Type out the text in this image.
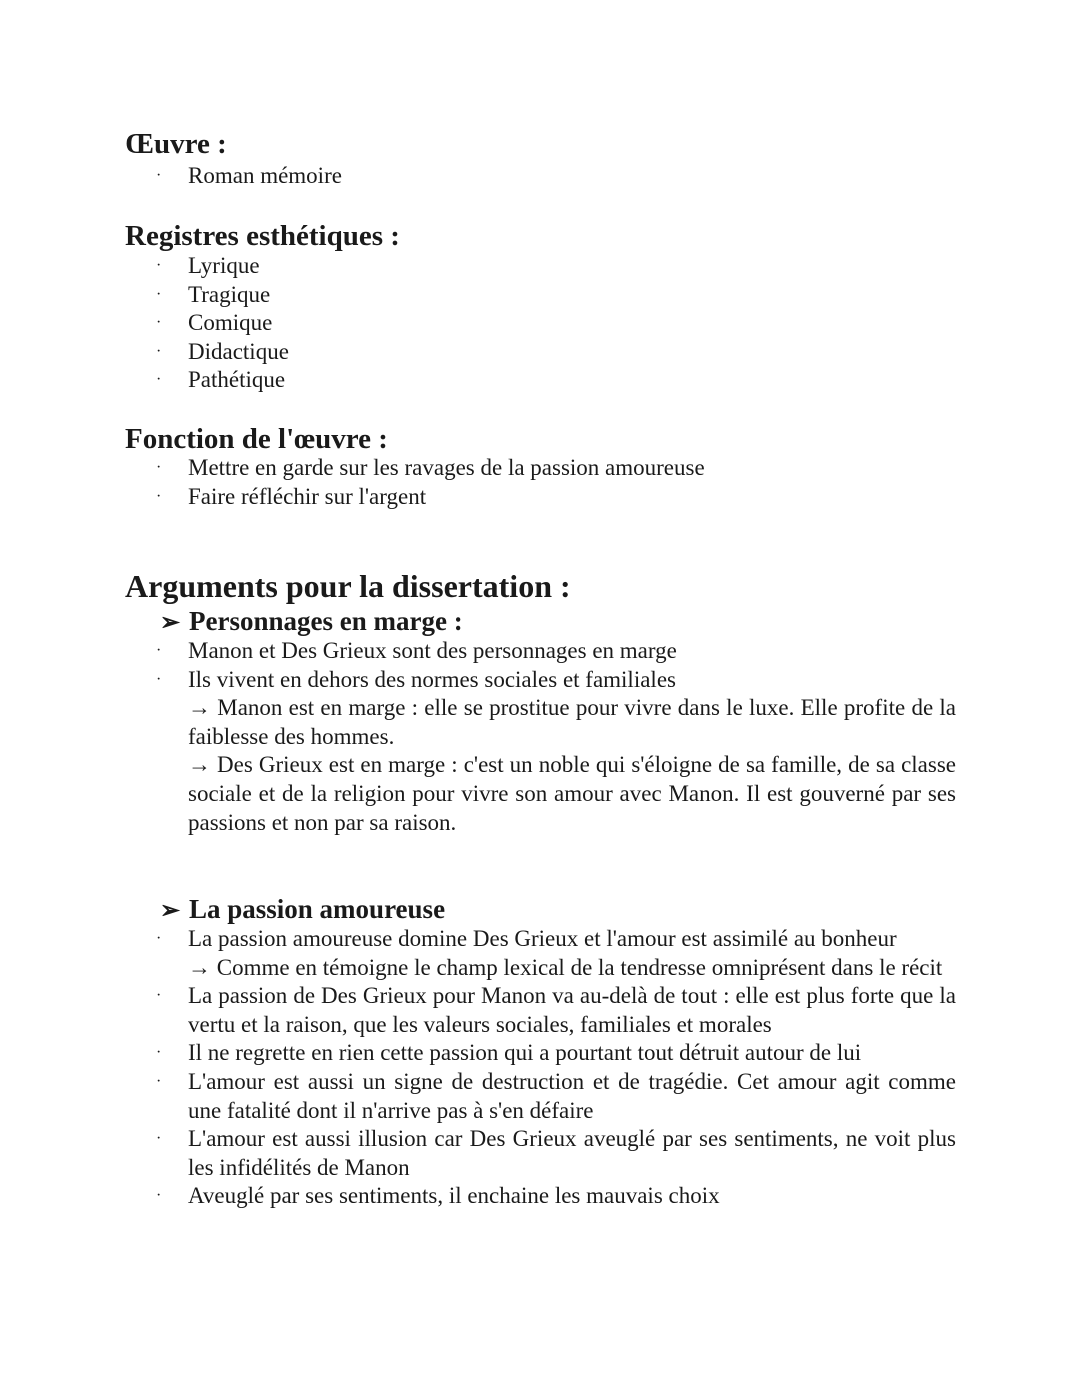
Œuvre :
· Roman mémoire
Registres esthétiques :
· Lyrique
· Tragique
· Comique
· Didactique
· Pathétique
Fonction de l'œuvre :
· Mettre en garde sur les ravages de la passion amoureuse
· Faire réfléchir sur l'argent
Arguments pour la dissertation :
➢ Personnages en marge :
· Manon et Des Grieux sont des personnages en marge
· Ils vivent en dehors des normes sociales et familiales
→ Manon est en marge : elle se prostitue pour vivre dans le luxe. Elle profite de la faiblesse des hommes.
→ Des Grieux est en marge : c'est un noble qui s'éloigne de sa famille, de sa classe sociale et de la religion pour vivre son amour avec Manon. Il est gouverné par ses passions et non par sa raison.
➢ La passion amoureuse
· La passion amoureuse domine Des Grieux et l'amour est assimilé au bonheur
→ Comme en témoigne le champ lexical de la tendresse omniprésent dans le récit
· La passion de Des Grieux pour Manon va au-delà de tout : elle est plus forte que la vertu et la raison, que les valeurs sociales, familiales et morales
· Il ne regrette en rien cette passion qui a pourtant tout détruit autour de lui
· L'amour est aussi un signe de destruction et de tragédie. Cet amour agit comme une fatalité dont il n'arrive pas à s'en défaire
· L'amour est aussi illusion car Des Grieux aveuglé par ses sentiments, ne voit plus les infidélités de Manon
· Aveuglé par ses sentiments, il enchaine les mauvais choix
